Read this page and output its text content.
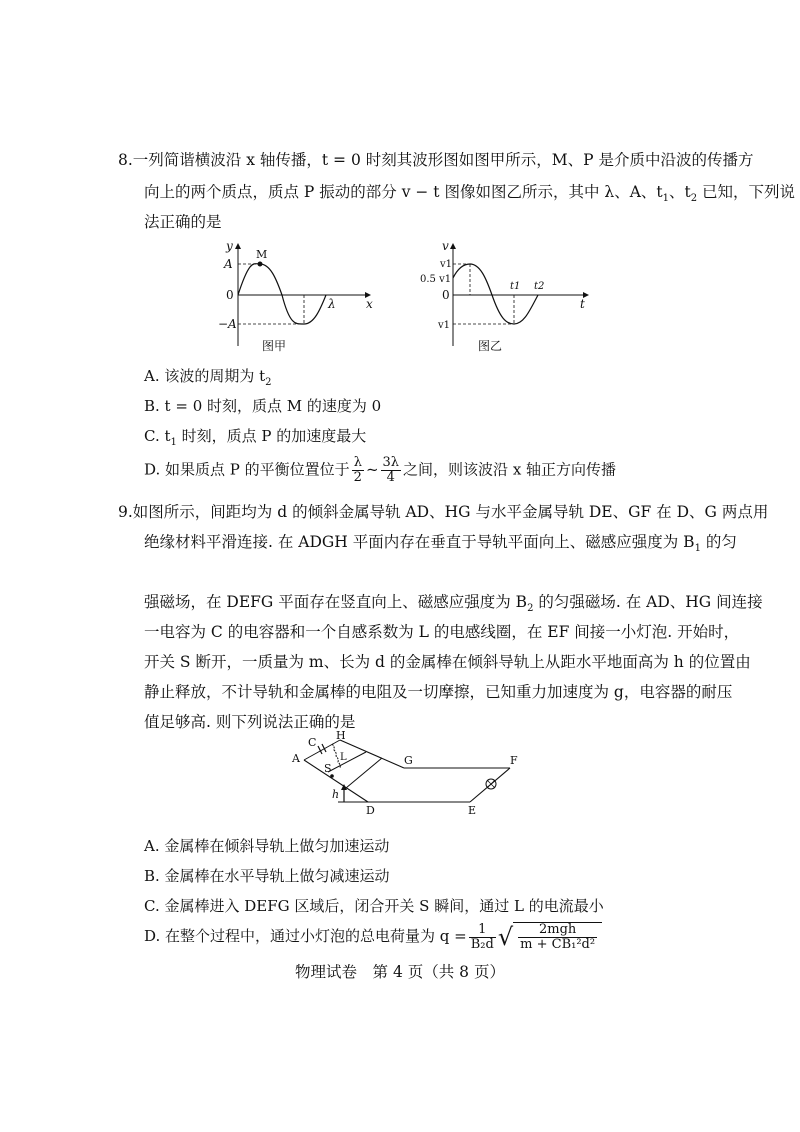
8.一列简谐横波沿 x 轴传播，t = 0 时刻其波形图如图甲所示，M、P 是介质中沿波的传播方
向上的两个质点，质点 P 振动的部分 v − t 图像如图乙所示，其中 λ、A、$t_1$、$t_2$ 已知，下列说
法正确的是
y
x
A
M
0
−A
λ
图甲
v
t
v1
0.5 v1
0
v1
t1 t2
图乙
A. 该波的周期为 $t_2$
B. t = 0 时刻，质点 M 的速度为 0
C. $t_1$ 时刻，质点 P 的加速度最大
D. 如果质点 P 的平衡位置位于 $\frac{\lambda}{2}$ ~ $\frac{3\lambda}{4}$ 之间，则该波沿 x 轴正方向传播
9.如图所示，间距均为 d 的倾斜金属导轨 AD、HG 与水平金属导轨 DE、GF 在 D、G 两点用
绝缘材料平滑连接. 在 ADGH 平面内存在垂直于导轨平面向上、磁感应强度为 $B_1$ 的匀
强磁场，在 DEFG 平面存在竖直向上、磁感应强度为 $B_2$ 的匀强磁场. 在 AD、HG 间连接
一电容为 C 的电容器和一个自感系数为 L 的电感线圈，在 EF 间接一小灯泡. 开始时，
开关 S 断开，一质量为 m、长为 d 的金属棒在倾斜导轨上从距水平地面高为 h 的位置由
静止释放，不计导轨和金属棒的电阻及一切摩擦，已知重力加速度为 g，电容器的耐压
值足够高. 则下列说法正确的是
H
C
L
A
S
G	F
h
D	E
A. 金属棒在倾斜导轨上做匀加速运动
B. 金属棒在水平导轨上做匀减速运动
C. 金属棒进入 DEFG 区域后，闭合开关 S 瞬间，通过 L 的电流最小
D. 在整个过程中，通过小灯泡的总电荷量为 $q = \frac{1}{\text{B₂d}}$ √ $\frac{\text{2mgh}}{\text{m + CB₁²d²}}$
物理试卷　第 4 页（共 8 页）
